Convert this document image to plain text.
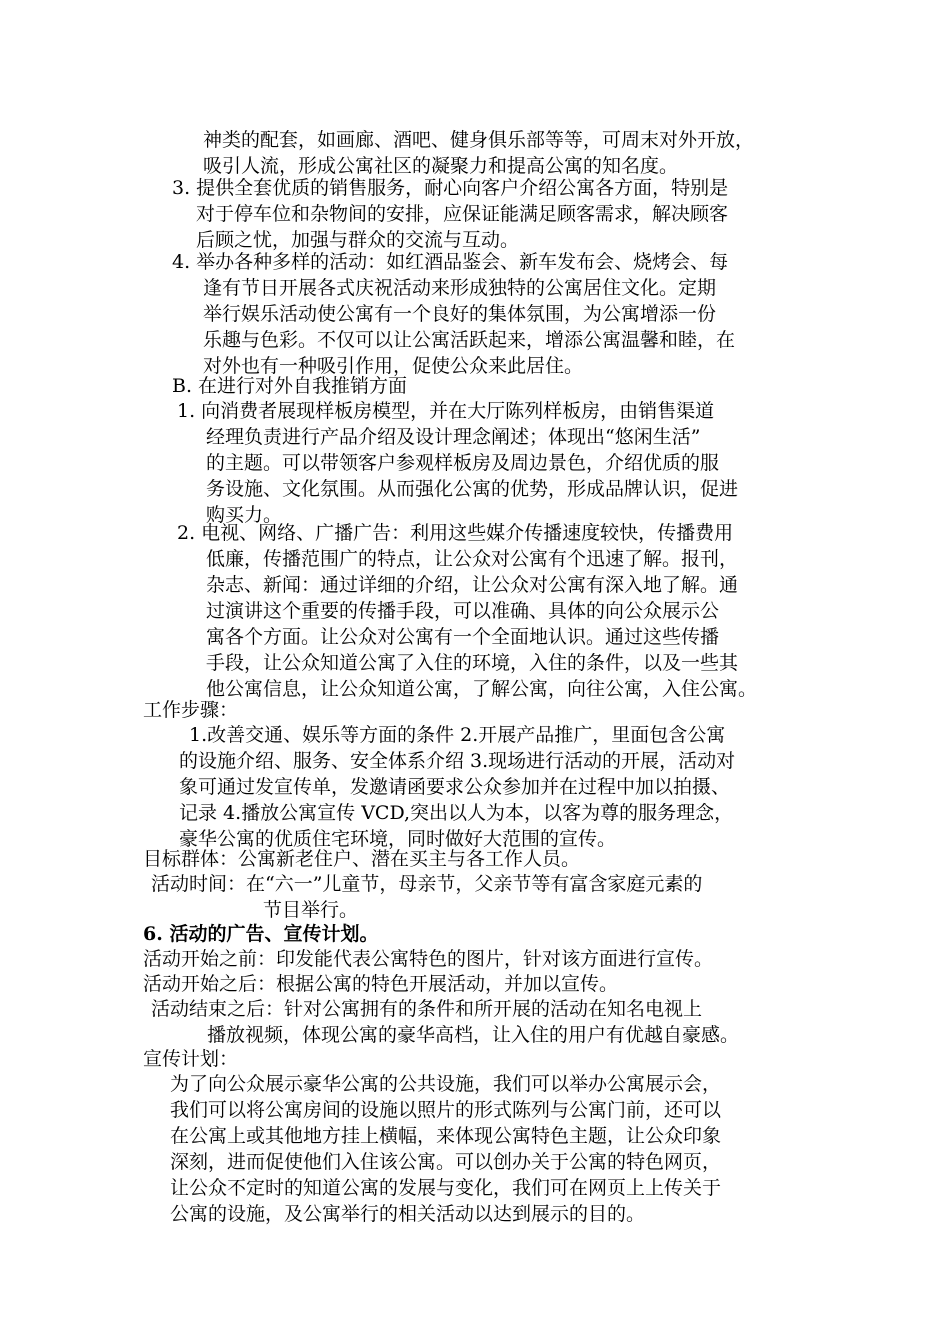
神类的配套，如画廊、酒吧、健身俱乐部等等，可周末对外开放，
吸引人流，形成公寓社区的凝聚力和提高公寓的知名度。
3. 提供全套优质的销售服务，耐心向客户介绍公寓各方面，特别是
对于停车位和杂物间的安排，应保证能满足顾客需求，解决顾客
后顾之忧，加强与群众的交流与互动。
4. 举办各种多样的活动：如红酒品鉴会、新车发布会、烧烤会、每
逢有节日开展各式庆祝活动来形成独特的公寓居住文化。定期
举行娱乐活动使公寓有一个良好的集体氛围，为公寓增添一份
乐趣与色彩。不仅可以让公寓活跃起来，增添公寓温馨和睦，在
对外也有一种吸引作用，促使公众来此居住。
B. 在进行对外自我推销方面
1. 向消费者展现样板房模型，并在大厅陈列样板房，由销售渠道
经理负责进行产品介绍及设计理念阐述；体现出“悠闲生活”
的主题。可以带领客户参观样板房及周边景色，介绍优质的服
务设施、文化氛围。从而强化公寓的优势，形成品牌认识，促进
购买力。
2. 电视、网络、广播广告：利用这些媒介传播速度较快，传播费用
低廉，传播范围广的特点，让公众对公寓有个迅速了解。报刊，
杂志、新闻：通过详细的介绍，让公众对公寓有深入地了解。通
过演讲这个重要的传播手段，可以准确、具体的向公众展示公
寓各个方面。让公众对公寓有一个全面地认识。通过这些传播
手段，让公众知道公寓了入住的环境，入住的条件，以及一些其
他公寓信息，让公众知道公寓，了解公寓，向往公寓，入住公寓。
工作步骤：
1.改善交通、娱乐等方面的条件 2.开展产品推广，里面包含公寓
的设施介绍、服务、安全体系介绍 3.现场进行活动的开展，活动对
象可通过发宣传单，发邀请函要求公众参加并在过程中加以拍摄、
记录 4.播放公寓宣传 VCD,突出以人为本，以客为尊的服务理念，
豪华公寓的优质住宅环境，同时做好大范围的宣传。
目标群体：公寓新老住户、潜在买主与各工作人员。
活动时间：在“六一”儿童节，母亲节，父亲节等有富含家庭元素的
节目举行。
6. 活动的广告、宣传计划。
活动开始之前：印发能代表公寓特色的图片，针对该方面进行宣传。
活动开始之后：根据公寓的特色开展活动，并加以宣传。
活动结束之后：针对公寓拥有的条件和所开展的活动在知名电视上
播放视频，体现公寓的豪华高档，让入住的用户有优越自豪感。
宣传计划：
为了向公众展示豪华公寓的公共设施，我们可以举办公寓展示会，
我们可以将公寓房间的设施以照片的形式陈列与公寓门前，还可以
在公寓上或其他地方挂上横幅，来体现公寓特色主题，让公众印象
深刻，进而促使他们入住该公寓。可以创办关于公寓的特色网页，
让公众不定时的知道公寓的发展与变化，我们可在网页上上传关于
公寓的设施，及公寓举行的相关活动以达到展示的目的。
